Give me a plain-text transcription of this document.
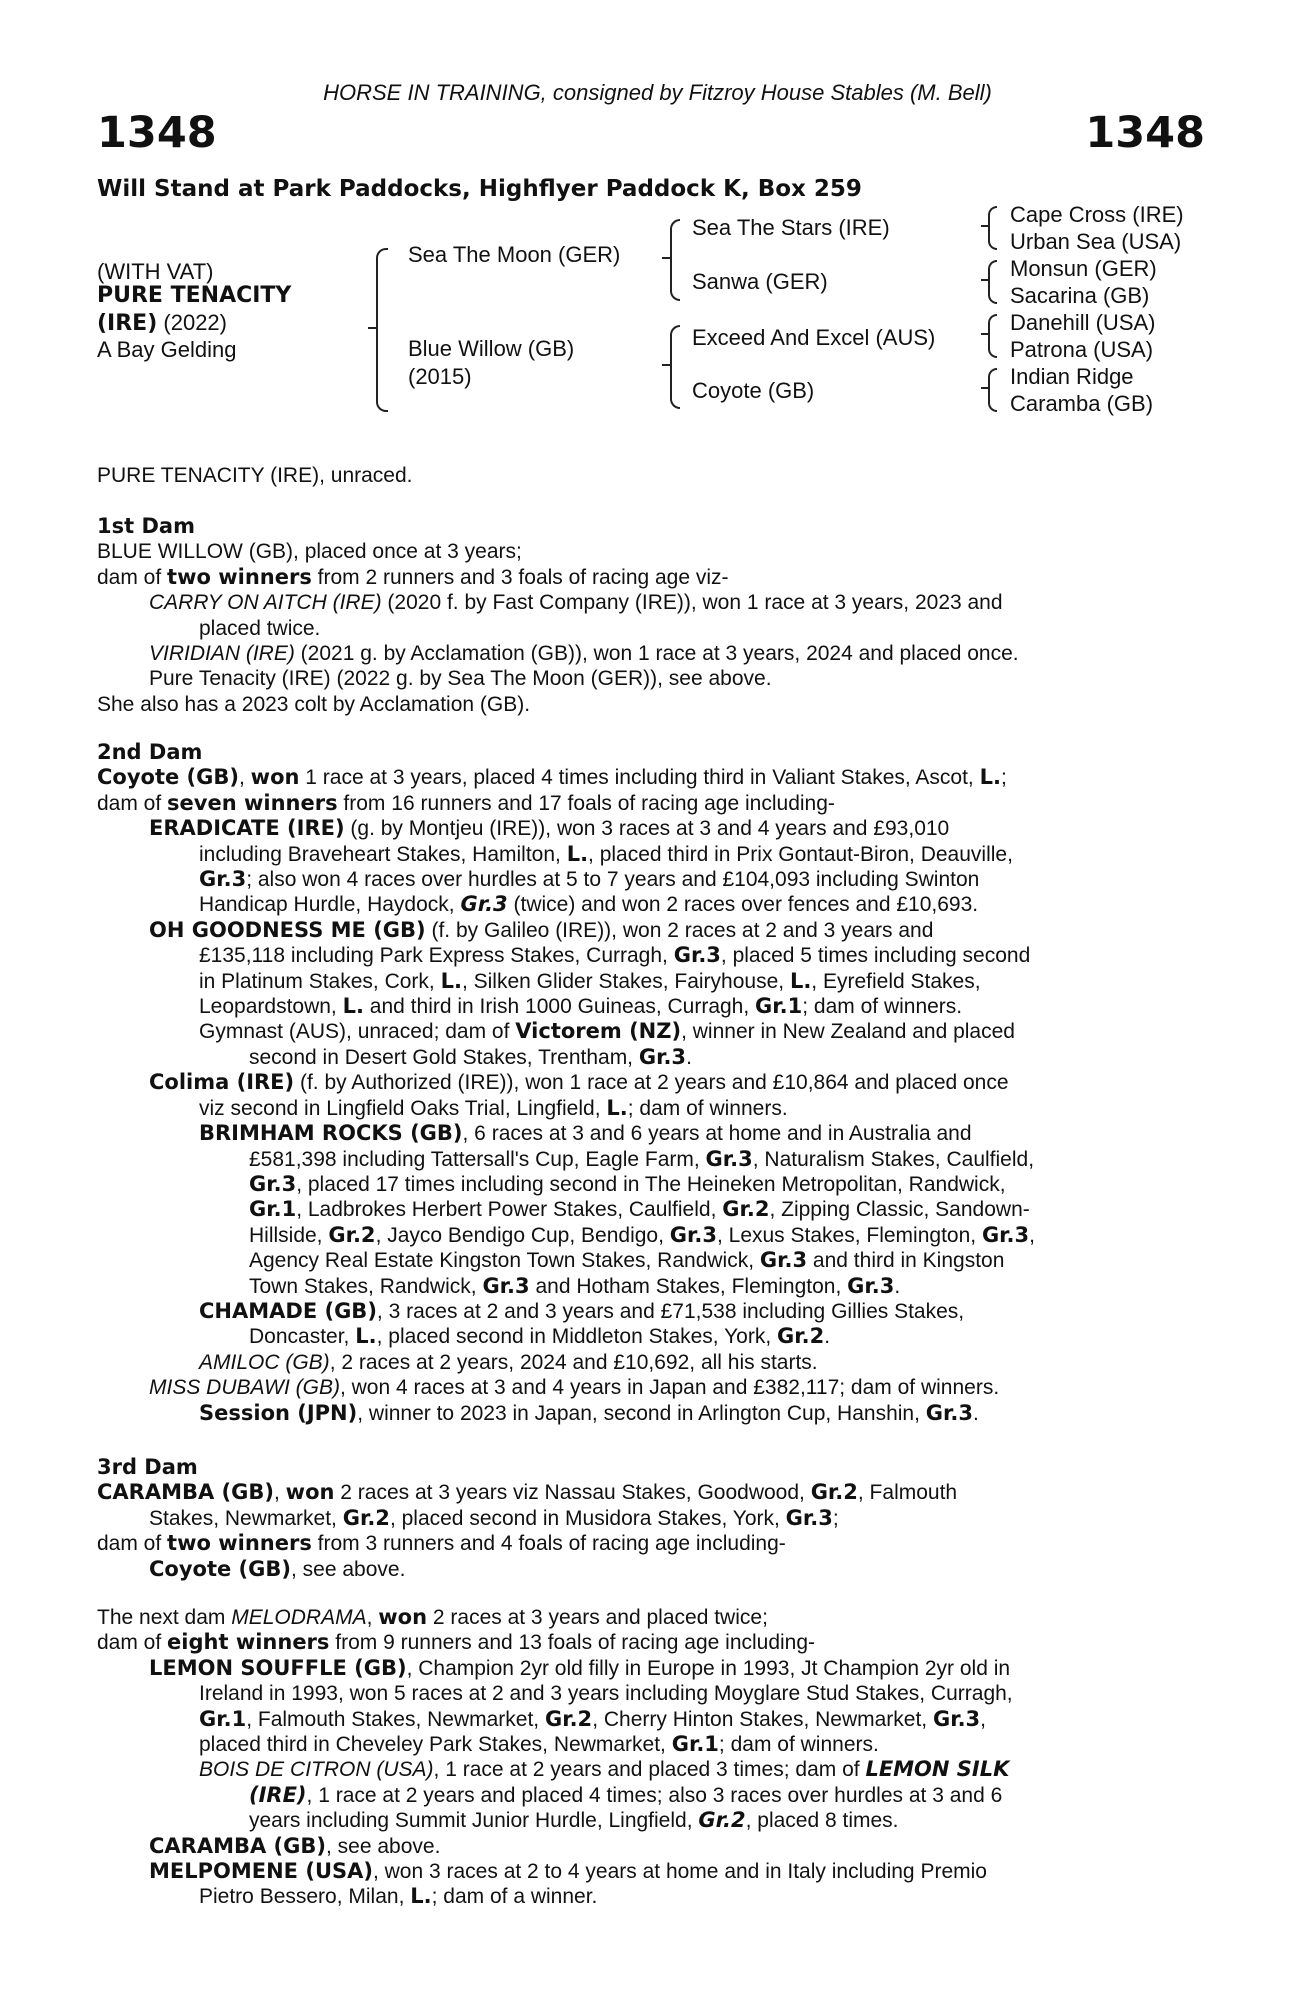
HORSE IN TRAINING, consigned by Fitzroy House Stables (M. Bell)
1348	1348
Will Stand at Park Paddocks, Highflyer Paddock K, Box 259
(WITH VAT)
PURE TENACITY
(IRE) (2022)
A Bay Gelding
Sea The Moon (GER)
Blue Willow (GB)
(2015)
Sea The Stars (IRE)
Sanwa (GER)
Exceed And Excel (AUS)
Coyote (GB)
Cape Cross (IRE)
Urban Sea (USA)
Monsun (GER)
Sacarina (GB)
Danehill (USA)
Patrona (USA)
Indian Ridge
Caramba (GB)

PURE TENACITY (IRE), unraced.

1st Dam

BLUE WILLOW (GB), placed once at 3 years;

dam of two winners from 2 runners and 3 foals of racing age viz-

CARRY ON AITCH (IRE) (2020 f. by Fast Company (IRE)), won 1 race at 3 years, 2023 and

placed twice.

VIRIDIAN (IRE) (2021 g. by Acclamation (GB)), won 1 race at 3 years, 2024 and placed once.

Pure Tenacity (IRE) (2022 g. by Sea The Moon (GER)), see above.

She also has a 2023 colt by Acclamation (GB).

2nd Dam

Coyote (GB), won 1 race at 3 years, placed 4 times including third in Valiant Stakes, Ascot, L.;

dam of seven winners from 16 runners and 17 foals of racing age including-

ERADICATE (IRE) (g. by Montjeu (IRE)), won 3 races at 3 and 4 years and £93,010

including Braveheart Stakes, Hamilton, L., placed third in Prix Gontaut-Biron, Deauville,

Gr.3; also won 4 races over hurdles at 5 to 7 years and £104,093 including Swinton

Handicap Hurdle, Haydock, Gr.3 (twice) and won 2 races over fences and £10,693.

OH GOODNESS ME (GB) (f. by Galileo (IRE)), won 2 races at 2 and 3 years and

£135,118 including Park Express Stakes, Curragh, Gr.3, placed 5 times including second

in Platinum Stakes, Cork, L., Silken Glider Stakes, Fairyhouse, L., Eyrefield Stakes,

Leopardstown, L. and third in Irish 1000 Guineas, Curragh, Gr.1; dam of winners.

Gymnast (AUS), unraced; dam of Victorem (NZ), winner in New Zealand and placed

second in Desert Gold Stakes, Trentham, Gr.3.

Colima (IRE) (f. by Authorized (IRE)), won 1 race at 2 years and £10,864 and placed once

viz second in Lingfield Oaks Trial, Lingfield, L.; dam of winners.

BRIMHAM ROCKS (GB), 6 races at 3 and 6 years at home and in Australia and

£581,398 including Tattersall's Cup, Eagle Farm, Gr.3, Naturalism Stakes, Caulfield,

Gr.3, placed 17 times including second in The Heineken Metropolitan, Randwick,

Gr.1, Ladbrokes Herbert Power Stakes, Caulfield, Gr.2, Zipping Classic, Sandown-

Hillside, Gr.2, Jayco Bendigo Cup, Bendigo, Gr.3, Lexus Stakes, Flemington, Gr.3,

Agency Real Estate Kingston Town Stakes, Randwick, Gr.3 and third in Kingston

Town Stakes, Randwick, Gr.3 and Hotham Stakes, Flemington, Gr.3.

CHAMADE (GB), 3 races at 2 and 3 years and £71,538 including Gillies Stakes,

Doncaster, L., placed second in Middleton Stakes, York, Gr.2.

AMILOC (GB), 2 races at 2 years, 2024 and £10,692, all his starts.

MISS DUBAWI (GB), won 4 races at 3 and 4 years in Japan and £382,117; dam of winners.

Session (JPN), winner to 2023 in Japan, second in Arlington Cup, Hanshin, Gr.3.

3rd Dam

CARAMBA (GB), won 2 races at 3 years viz Nassau Stakes, Goodwood, Gr.2, Falmouth

Stakes, Newmarket, Gr.2, placed second in Musidora Stakes, York, Gr.3;

dam of two winners from 3 runners and 4 foals of racing age including-

Coyote (GB), see above.

The next dam MELODRAMA, won 2 races at 3 years and placed twice;

dam of eight winners from 9 runners and 13 foals of racing age including-

LEMON SOUFFLE (GB), Champion 2yr old filly in Europe in 1993, Jt Champion 2yr old in

Ireland in 1993, won 5 races at 2 and 3 years including Moyglare Stud Stakes, Curragh,

Gr.1, Falmouth Stakes, Newmarket, Gr.2, Cherry Hinton Stakes, Newmarket, Gr.3,

placed third in Cheveley Park Stakes, Newmarket, Gr.1; dam of winners.

BOIS DE CITRON (USA), 1 race at 2 years and placed 3 times; dam of LEMON SILK

(IRE), 1 race at 2 years and placed 4 times; also 3 races over hurdles at 3 and 6

years including Summit Junior Hurdle, Lingfield, Gr.2, placed 8 times.

CARAMBA (GB), see above.

MELPOMENE (USA), won 3 races at 2 to 4 years at home and in Italy including Premio

Pietro Bessero, Milan, L.; dam of a winner.
